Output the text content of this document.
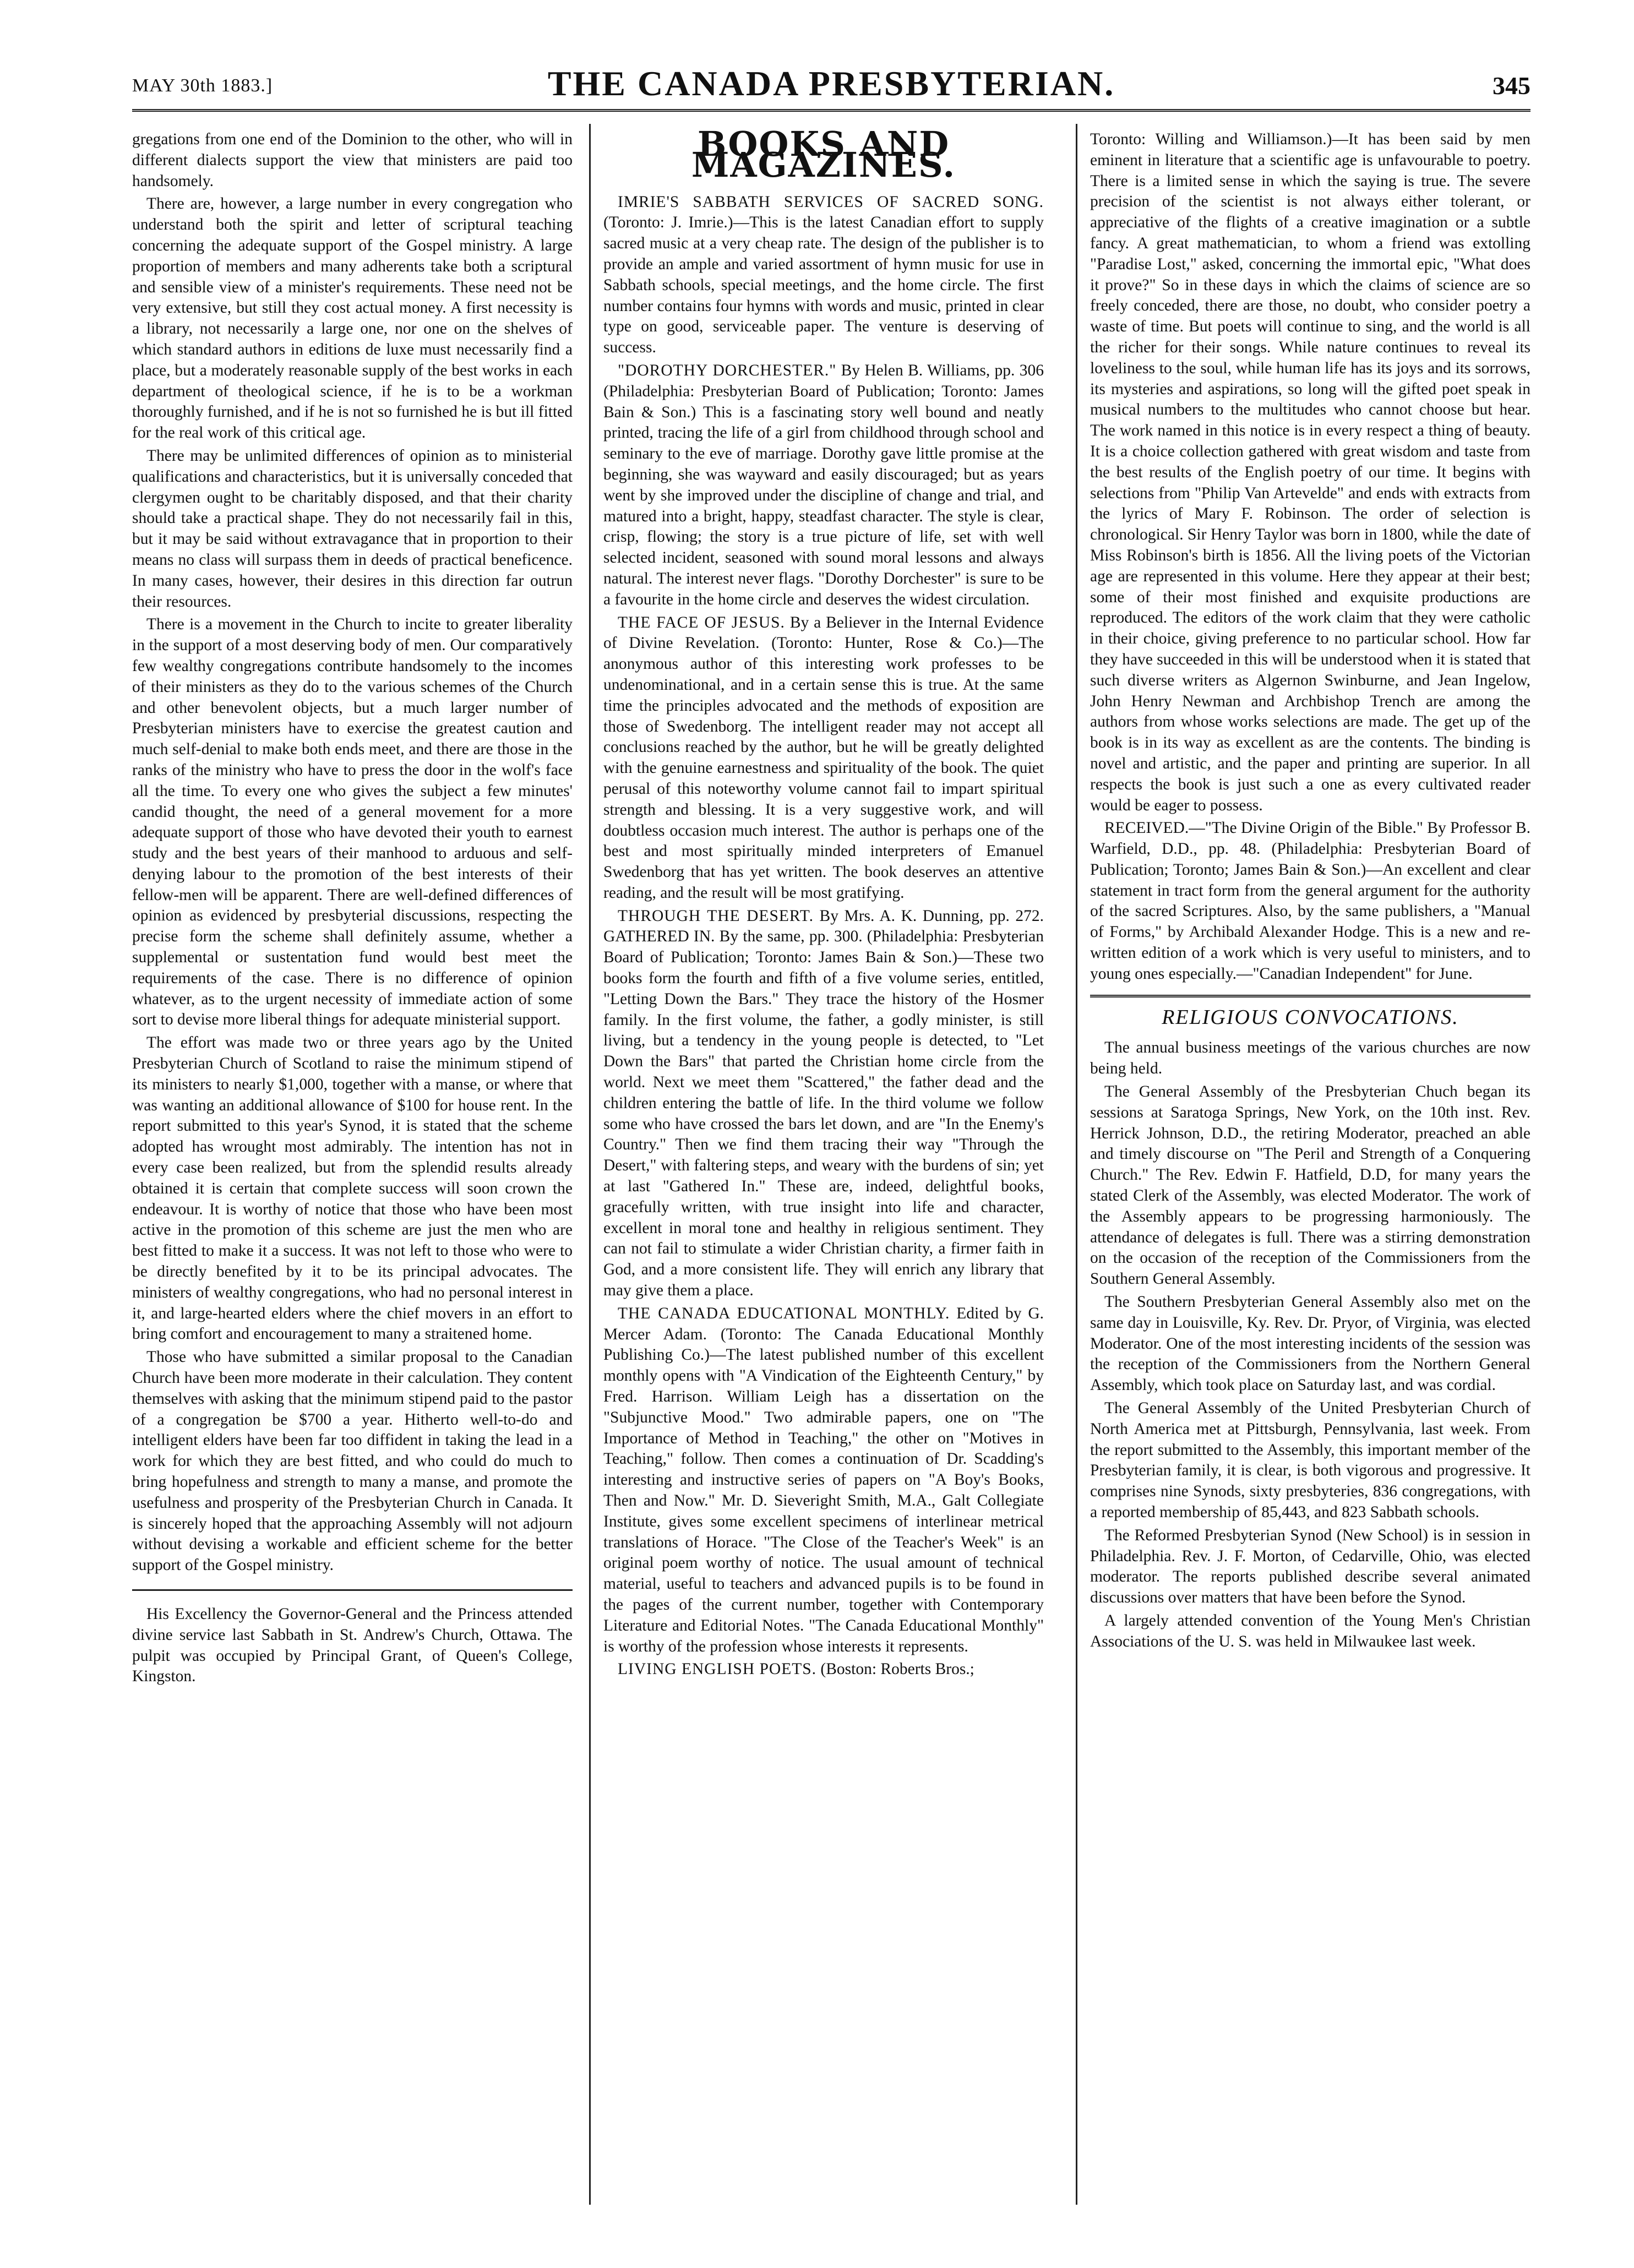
MAY 30th 1883.]	THE CANADA PRESBYTERIAN.	345

gregations from one end of the Dominion to the other, who will in different dialects support the view that ministers are paid too handsomely.

There are, however, a large number in every congregation who understand both the spirit and letter of scriptural teaching concerning the adequate support of the Gospel ministry. A large proportion of members and many adherents take both a scriptural and sensible view of a minister's requirements. These need not be very extensive, but still they cost actual money. A first necessity is a library, not necessarily a large one, nor one on the shelves of which standard authors in editions de luxe must necessarily find a place, but a moderately reasonable supply of the best works in each department of theological science, if he is to be a workman thoroughly furnished, and if he is not so furnished he is but ill fitted for the real work of this critical age.

There may be unlimited differences of opinion as to ministerial qualifications and characteristics, but it is universally conceded that clergymen ought to be charitably disposed, and that their charity should take a practical shape. They do not necessarily fail in this, but it may be said without extravagance that in proportion to their means no class will surpass them in deeds of practical beneficence. In many cases, however, their desires in this direction far outrun their resources.

There is a movement in the Church to incite to greater liberality in the support of a most deserving body of men. Our comparatively few wealthy congregations contribute handsomely to the incomes of their ministers as they do to the various schemes of the Church and other benevolent objects, but a much larger number of Presbyterian ministers have to exercise the greatest caution and much self-denial to make both ends meet, and there are those in the ranks of the ministry who have to press the door in the wolf's face all the time. To every one who gives the subject a few minutes' candid thought, the need of a general movement for a more adequate support of those who have devoted their youth to earnest study and the best years of their manhood to arduous and self-denying labour to the promotion of the best interests of their fellow-men will be apparent. There are well-defined differences of opinion as evidenced by presbyterial discussions, respecting the precise form the scheme shall definitely assume, whether a supplemental or sustentation fund would best meet the requirements of the case. There is no difference of opinion whatever, as to the urgent necessity of immediate action of some sort to devise more liberal things for adequate ministerial support.

The effort was made two or three years ago by the United Presbyterian Church of Scotland to raise the minimum stipend of its ministers to nearly $1,000, together with a manse, or where that was wanting an additional allowance of $100 for house rent. In the report submitted to this year's Synod, it is stated that the scheme adopted has wrought most admirably. The intention has not in every case been realized, but from the splendid results already obtained it is certain that complete success will soon crown the endeavour. It is worthy of notice that those who have been most active in the promotion of this scheme are just the men who are best fitted to make it a success. It was not left to those who were to be directly benefited by it to be its principal advocates. The ministers of wealthy congregations, who had no personal interest in it, and large-hearted elders where the chief movers in an effort to bring comfort and encouragement to many a straitened home.

Those who have submitted a similar proposal to the Canadian Church have been more moderate in their calculation. They content themselves with asking that the minimum stipend paid to the pastor of a congregation be $700 a year. Hitherto well-to-do and intelligent elders have been far too diffident in taking the lead in a work for which they are best fitted, and who could do much to bring hopefulness and strength to many a manse, and promote the usefulness and prosperity of the Presbyterian Church in Canada. It is sincerely hoped that the approaching Assembly will not adjourn without devising a workable and efficient scheme for the better support of the Gospel ministry.

His Excellency the Governor-General and the Princess attended divine service last Sabbath in St. Andrew's Church, Ottawa. The pulpit was occupied by Principal Grant, of Queen's College, Kingston.

BOOKS AND MAGAZINES.

IMRIE'S SABBATH SERVICES OF SACRED SONG. (Toronto: J. Imrie.)—This is the latest Canadian effort to supply sacred music at a very cheap rate. The design of the publisher is to provide an ample and varied assortment of hymn music for use in Sabbath schools, special meetings, and the home circle. The first number contains four hymns with words and music, printed in clear type on good, serviceable paper. The venture is deserving of success.

"DOROTHY DORCHESTER." By Helen B. Williams, pp. 306 (Philadelphia: Presbyterian Board of Publication; Toronto: James Bain & Son.) This is a fascinating story well bound and neatly printed, tracing the life of a girl from childhood through school and seminary to the eve of marriage. Dorothy gave little promise at the beginning, she was wayward and easily discouraged; but as years went by she improved under the discipline of change and trial, and matured into a bright, happy, steadfast character. The style is clear, crisp, flowing; the story is a true picture of life, set with well selected incident, seasoned with sound moral lessons and always natural. The interest never flags. "Dorothy Dorchester" is sure to be a favourite in the home circle and deserves the widest circulation.

THE FACE OF JESUS. By a Believer in the Internal Evidence of Divine Revelation. (Toronto: Hunter, Rose & Co.)—The anonymous author of this interesting work professes to be undenominational, and in a certain sense this is true. At the same time the principles advocated and the methods of exposition are those of Swedenborg. The intelligent reader may not accept all conclusions reached by the author, but he will be greatly delighted with the genuine earnestness and spirituality of the book. The quiet perusal of this noteworthy volume cannot fail to impart spiritual strength and blessing. It is a very suggestive work, and will doubtless occasion much interest. The author is perhaps one of the best and most spiritually minded interpreters of Emanuel Swedenborg that has yet written. The book deserves an attentive reading, and the result will be most gratifying.

THROUGH THE DESERT. By Mrs. A. K. Dunning, pp. 272. GATHERED IN. By the same, pp. 300. (Philadelphia: Presbyterian Board of Publication; Toronto: James Bain & Son.)—These two books form the fourth and fifth of a five volume series, entitled, "Letting Down the Bars." They trace the history of the Hosmer family. In the first volume, the father, a godly minister, is still living, but a tendency in the young people is detected, to "Let Down the Bars" that parted the Christian home circle from the world. Next we meet them "Scattered," the father dead and the children entering the battle of life. In the third volume we follow some who have crossed the bars let down, and are "In the Enemy's Country." Then we find them tracing their way "Through the Desert," with faltering steps, and weary with the burdens of sin; yet at last "Gathered In." These are, indeed, delightful books, gracefully written, with true insight into life and character, excellent in moral tone and healthy in religious sentiment. They can not fail to stimulate a wider Christian charity, a firmer faith in God, and a more consistent life. They will enrich any library that may give them a place.

THE CANADA EDUCATIONAL MONTHLY. Edited by G. Mercer Adam. (Toronto: The Canada Educational Monthly Publishing Co.)—The latest published number of this excellent monthly opens with "A Vindication of the Eighteenth Century," by Fred. Harrison. William Leigh has a dissertation on the "Subjunctive Mood." Two admirable papers, one on "The Importance of Method in Teaching," the other on "Motives in Teaching," follow. Then comes a continuation of Dr. Scadding's interesting and instructive series of papers on "A Boy's Books, Then and Now." Mr. D. Sieveright Smith, M.A., Galt Collegiate Institute, gives some excellent specimens of interlinear metrical translations of Horace. "The Close of the Teacher's Week" is an original poem worthy of notice. The usual amount of technical material, useful to teachers and advanced pupils is to be found in the pages of the current number, together with Contemporary Literature and Editorial Notes. "The Canada Educational Monthly" is worthy of the profession whose interests it represents.

LIVING ENGLISH POETS. (Boston: Roberts Bros.;

Toronto: Willing and Williamson.)—It has been said by men eminent in literature that a scientific age is unfavourable to poetry. There is a limited sense in which the saying is true. The severe precision of the scientist is not always either tolerant, or appreciative of the flights of a creative imagination or a subtle fancy. A great mathematician, to whom a friend was extolling "Paradise Lost," asked, concerning the immortal epic, "What does it prove?" So in these days in which the claims of science are so freely conceded, there are those, no doubt, who consider poetry a waste of time. But poets will continue to sing, and the world is all the richer for their songs. While nature continues to reveal its loveliness to the soul, while human life has its joys and its sorrows, its mysteries and aspirations, so long will the gifted poet speak in musical numbers to the multitudes who cannot choose but hear. The work named in this notice is in every respect a thing of beauty. It is a choice collection gathered with great wisdom and taste from the best results of the English poetry of our time. It begins with selections from "Philip Van Artevelde" and ends with extracts from the lyrics of Mary F. Robinson. The order of selection is chronological. Sir Henry Taylor was born in 1800, while the date of Miss Robinson's birth is 1856. All the living poets of the Victorian age are represented in this volume. Here they appear at their best; some of their most finished and exquisite productions are reproduced. The editors of the work claim that they were catholic in their choice, giving preference to no particular school. How far they have succeeded in this will be understood when it is stated that such diverse writers as Algernon Swinburne, and Jean Ingelow, John Henry Newman and Archbishop Trench are among the authors from whose works selections are made. The get up of the book is in its way as excellent as are the contents. The binding is novel and artistic, and the paper and printing are superior. In all respects the book is just such a one as every cultivated reader would be eager to possess.

RECEIVED.—"The Divine Origin of the Bible." By Professor B. Warfield, D.D., pp. 48. (Philadelphia: Presbyterian Board of Publication; Toronto; James Bain & Son.)—An excellent and clear statement in tract form from the general argument for the authority of the sacred Scriptures. Also, by the same publishers, a "Manual of Forms," by Archibald Alexander Hodge. This is a new and re-written edition of a work which is very useful to ministers, and to young ones especially.—"Canadian Independent" for June.

RELIGIOUS CONVOCATIONS.

The annual business meetings of the various churches are now being held.

The General Assembly of the Presbyterian Chuch began its sessions at Saratoga Springs, New York, on the 10th inst. Rev. Herrick Johnson, D.D., the retiring Moderator, preached an able and timely discourse on "The Peril and Strength of a Conquering Church." The Rev. Edwin F. Hatfield, D.D, for many years the stated Clerk of the Assembly, was elected Moderator. The work of the Assembly appears to be progressing harmoniously. The attendance of delegates is full. There was a stirring demonstration on the occasion of the reception of the Commissioners from the Southern General Assembly.

The Southern Presbyterian General Assembly also met on the same day in Louisville, Ky. Rev. Dr. Pryor, of Virginia, was elected Moderator. One of the most interesting incidents of the session was the reception of the Commissioners from the Northern General Assembly, which took place on Saturday last, and was cordial.

The General Assembly of the United Presbyterian Church of North America met at Pittsburgh, Pennsylvania, last week. From the report submitted to the Assembly, this important member of the Presbyterian family, it is clear, is both vigorous and progressive. It comprises nine Synods, sixty presbyteries, 836 congregations, with a reported membership of 85,443, and 823 Sabbath schools.

The Reformed Presbyterian Synod (New School) is in session in Philadelphia. Rev. J. F. Morton, of Cedarville, Ohio, was elected moderator. The reports published describe several animated discussions over matters that have been before the Synod.

A largely attended convention of the Young Men's Christian Associations of the U. S. was held in Milwaukee last week.
